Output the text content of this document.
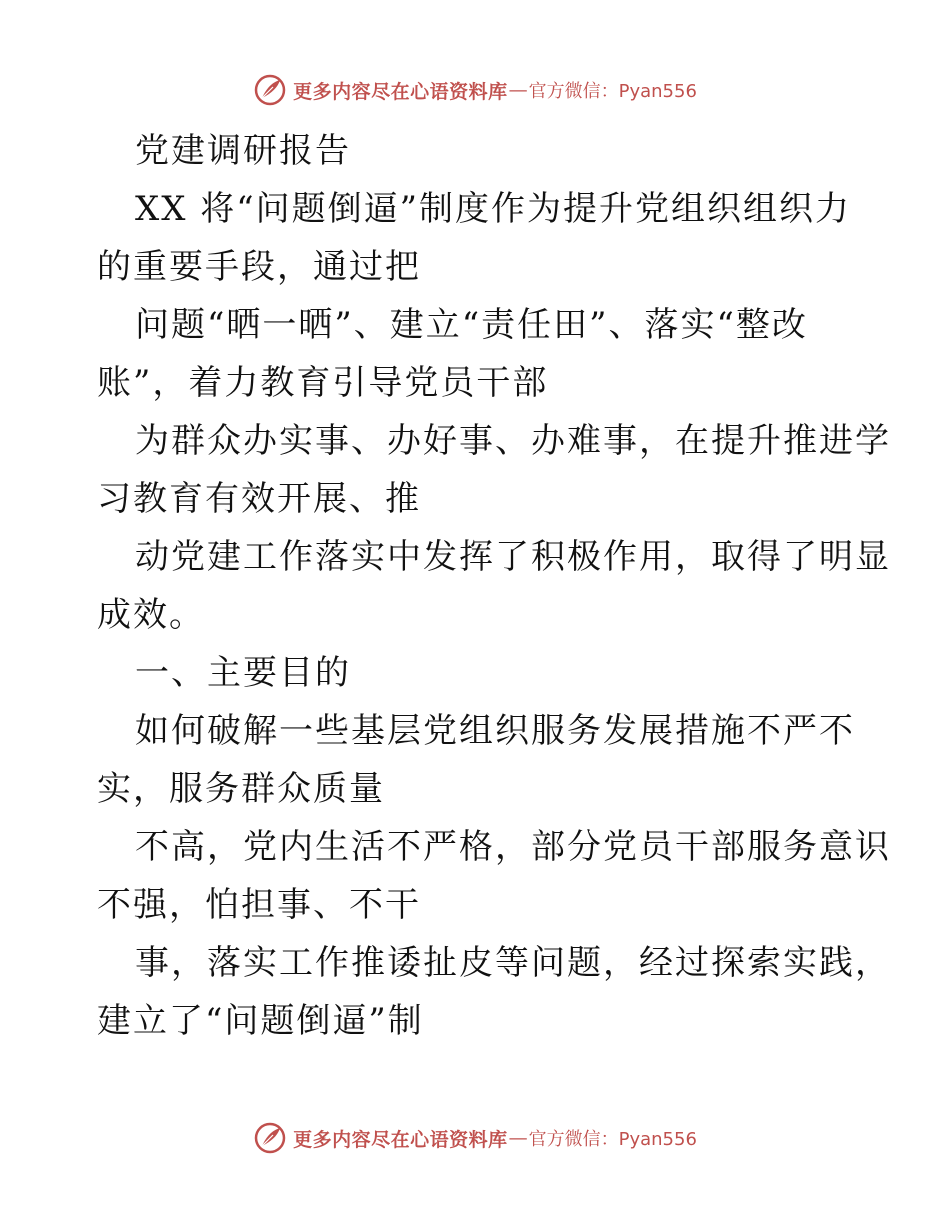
更多内容尽在心语资料库 — 官方微信：Pyan556
党建调研报告
XX 将“问题倒逼”制度作为提升党组织组织力
的重要手段，通过把
问题“晒一晒”、建立“责任田”、落实“整改
账”，着力教育引导党员干部
为群众办实事、办好事、办难事，在提升推进学
习教育有效开展、推
动党建工作落实中发挥了积极作用，取得了明显
成效。
一、主要目的
如何破解一些基层党组织服务发展措施不严不
实，服务群众质量
不高，党内生活不严格，部分党员干部服务意识
不强，怕担事、不干
事，落实工作推诿扯皮等问题，经过探索实践，
建立了“问题倒逼”制
更多内容尽在心语资料库 — 官方微信：Pyan556
